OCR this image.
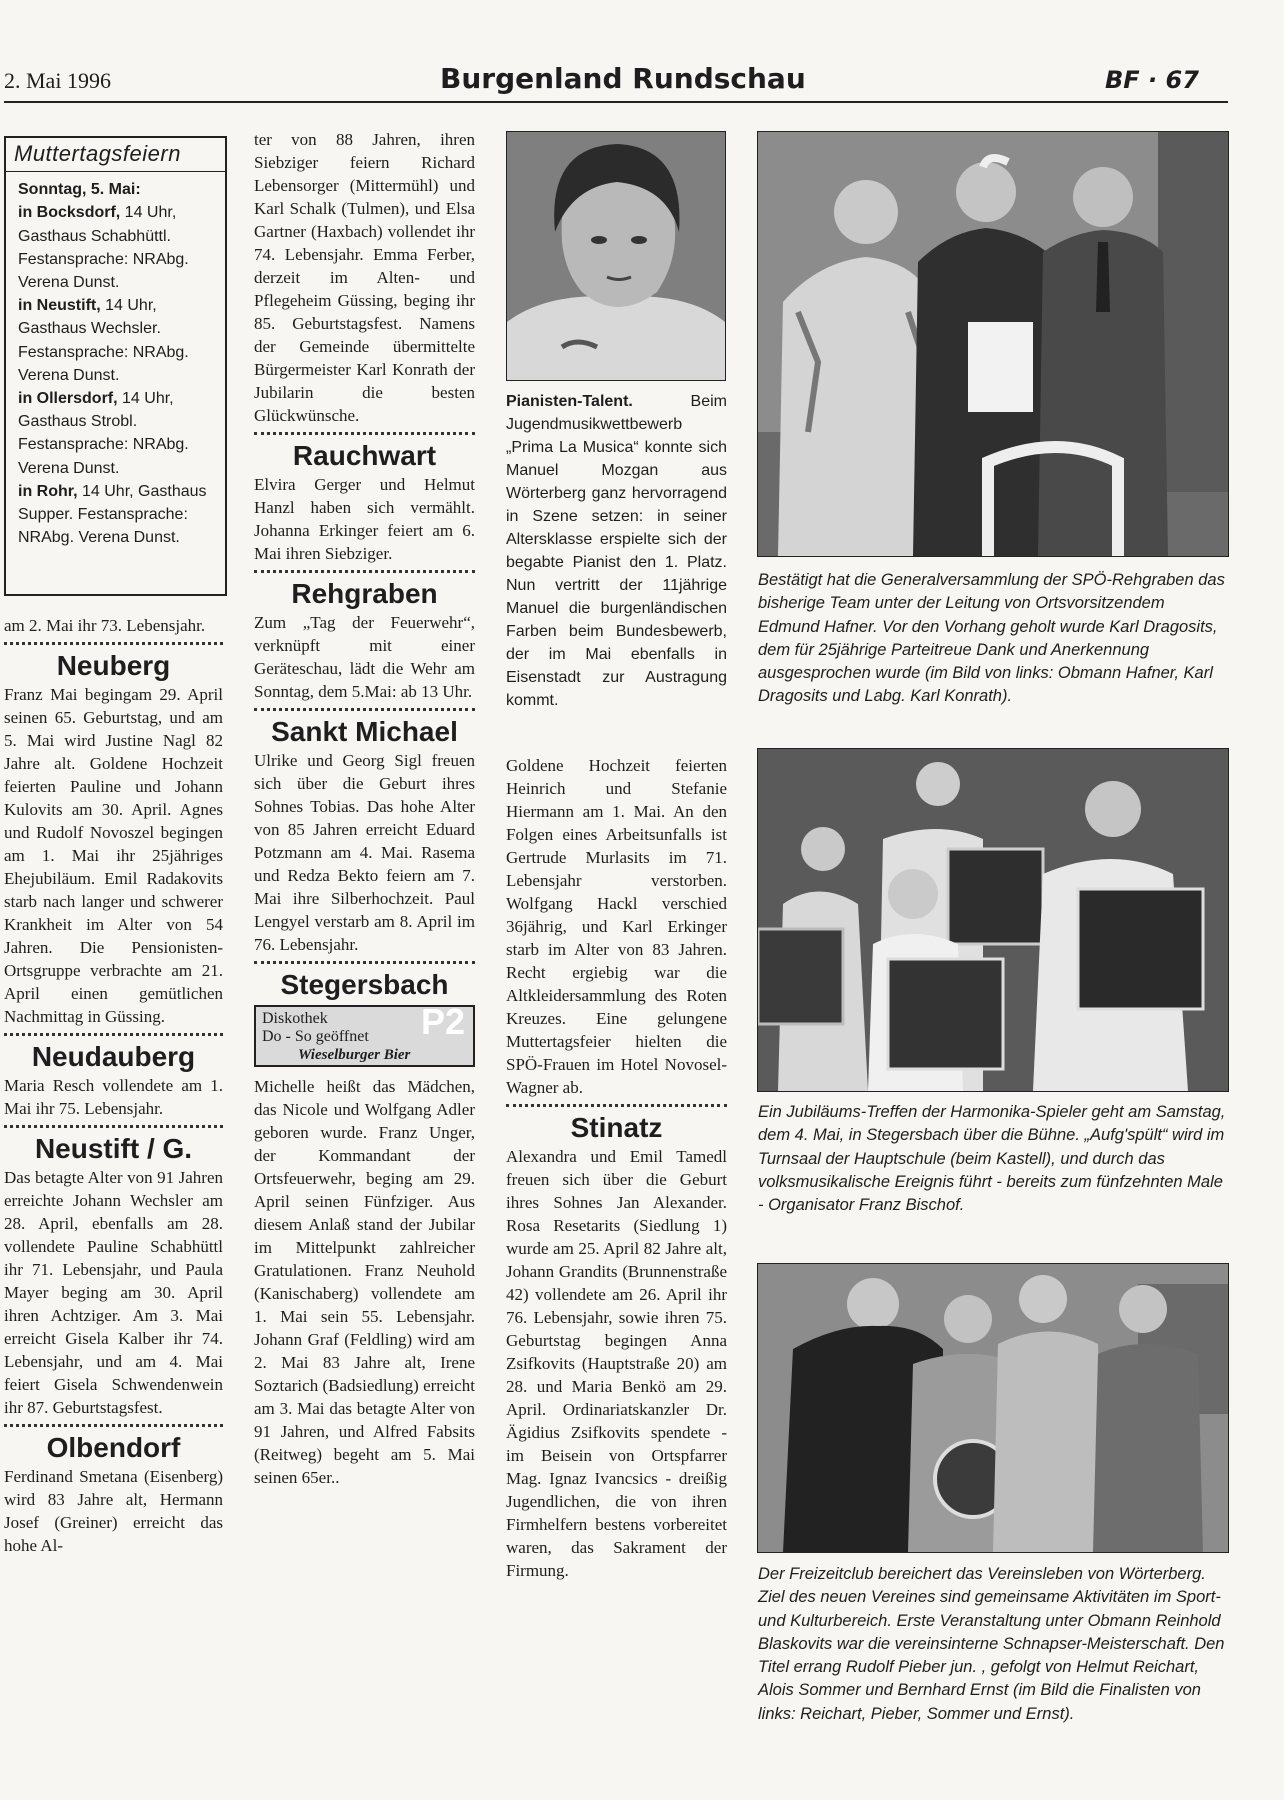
2. Mai 1996	Burgenland Rundschau	BF · 67
Muttertagsfeiern

Sonntag, 5. Mai:

in Bocksdorf, 14 Uhr, Gasthaus Schabhüttl. Festansprache: NRAbg. Verena Dunst.

in Neustift, 14 Uhr, Gasthaus Wechsler. Festansprache: NRAbg. Verena Dunst.

in Ollersdorf, 14 Uhr, Gasthaus Strobl. Festansprache: NRAbg. Verena Dunst.

in Rohr, 14 Uhr, Gasthaus Supper. Festansprache: NRAbg. Verena Dunst.

am 2. Mai ihr 73. Lebensjahr.

Neuberg

Franz Mai begingam 29. April seinen 65. Geburtstag, und am 5. Mai wird Justine Nagl 82 Jahre alt. Goldene Hochzeit feierten Pauline und Johann Kulovits am 30. April. Agnes und Rudolf Novoszel begingen am 1. Mai ihr 25jähriges Ehejubiläum. Emil Radakovits starb nach langer und schwerer Krankheit im Alter von 54 Jahren. Die Pensionisten-Ortsgruppe verbrachte am 21. April einen gemütlichen Nachmittag in Güssing.

Neudauberg

Maria Resch vollendete am 1. Mai ihr 75. Lebensjahr.

Neustift / G.

Das betagte Alter von 91 Jahren erreichte Johann Wechsler am 28. April, ebenfalls am 28. vollendete Pauline Schabhüttl ihr 71. Lebensjahr, und Paula Mayer beging am 30. April ihren Achtziger. Am 3. Mai erreicht Gisela Kalber ihr 74. Lebensjahr, und am 4. Mai feiert Gisela Schwendenwein ihr 87. Geburtstagsfest.

Olbendorf

Ferdinand Smetana (Eisenberg) wird 83 Jahre alt, Hermann Josef (Greiner) erreicht das hohe Al-

ter von 88 Jahren, ihren Siebziger feiern Richard Lebensorger (Mittermühl) und Karl Schalk (Tulmen), und Elsa Gartner (Haxbach) vollendet ihr 74. Lebensjahr. Emma Ferber, derzeit im Alten- und Pflegeheim Güssing, beging ihr 85. Geburtstagsfest. Namens der Gemeinde übermittelte Bürgermeister Karl Konrath der Jubilarin die besten Glückwünsche.

Rauchwart

Elvira Gerger und Helmut Hanzl haben sich vermählt. Johanna Erkinger feiert am 6. Mai ihren Siebziger.

Rehgraben

Zum „Tag der Feuerwehr“, verknüpft mit einer Geräteschau, lädt die Wehr am Sonntag, dem 5.Mai: ab 13 Uhr.

Sankt Michael

Ulrike und Georg Sigl freuen sich über die Geburt ihres Sohnes Tobias. Das hohe Alter von 85 Jahren erreicht Eduard Potzmann am 4. Mai. Rasema und Redza Bekto feiern am 7. Mai ihre Silberhochzeit. Paul Lengyel verstarb am 8. April im 76. Lebensjahr.

Stegersbach
Diskothek
Do - So geöffnet
Wieselburger Bier
P2

Michelle heißt das Mädchen, das Nicole und Wolfgang Adler geboren wurde. Franz Unger, der Kommandant der Ortsfeuerwehr, beging am 29. April seinen Fünfziger. Aus diesem Anlaß stand der Jubilar im Mittelpunkt zahlreicher Gratulationen. Franz Neuhold (Kanischaberg) vollendete am 1. Mai sein 55. Lebensjahr. Johann Graf (Feldling) wird am 2. Mai 83 Jahre alt, Irene Soztarich (Badsiedlung) erreicht am 3. Mai das betagte Alter von 91 Jahren, und Alfred Fabsits (Reitweg) begeht am 5. Mai seinen 65er..

Pianisten-Talent. Beim Jugendmusikwettbewerb „Prima La Musica“ konnte sich Manuel Mozgan aus Wörterberg ganz hervorragend in Szene setzen: in seiner Altersklasse erspielte sich der begabte Pianist den 1. Platz. Nun vertritt der 11jährige Manuel die burgenländischen Farben beim Bundesbewerb, der im Mai ebenfalls in Eisenstadt zur Austragung kommt.

Goldene Hochzeit feierten Heinrich und Stefanie Hiermann am 1. Mai. An den Folgen eines Arbeitsunfalls ist Gertrude Murlasits im 71. Lebensjahr verstorben. Wolfgang Hackl verschied 36jährig, und Karl Erkinger starb im Alter von 83 Jahren. Recht ergiebig war die Altkleidersammlung des Roten Kreuzes. Eine gelungene Muttertagsfeier hielten die SPÖ-Frauen im Hotel Novosel-Wagner ab.

Stinatz

Alexandra und Emil Tamedl freuen sich über die Geburt ihres Sohnes Jan Alexander. Rosa Resetarits (Siedlung 1) wurde am 25. April 82 Jahre alt, Johann Grandits (Brunnenstraße 42) vollendete am 26. April ihr 76. Lebensjahr, sowie ihren 75. Geburtstag begingen Anna Zsifkovits (Hauptstraße 20) am 28. und Maria Benkö am 29. April. Ordinariatskanzler Dr. Ägidius Zsifkovits spendete - im Beisein von Ortspfarrer Mag. Ignaz Ivancsics - dreißig Jugendlichen, die von ihren Firmhelfern bestens vorbereitet waren, das Sakrament der Firmung.

Bestätigt hat die Generalversammlung der SPÖ-Rehgraben das bisherige Team unter der Leitung von Ortsvorsitzendem Edmund Hafner. Vor den Vorhang geholt wurde Karl Dragosits, dem für 25jährige Parteitreue Dank und Anerkennung ausgesprochen wurde (im Bild von links: Obmann Hafner, Karl Dragosits und Labg. Karl Konrath).

Ein Jubiläums-Treffen der Harmonika-Spieler geht am Samstag, dem 4. Mai, in Stegersbach über die Bühne. „Aufg'spült“ wird im Turnsaal der Hauptschule (beim Kastell), und durch das volksmusikalische Ereignis führt - bereits zum fünfzehnten Male - Organisator Franz Bischof.

Der Freizeitclub bereichert das Vereinsleben von Wörterberg. Ziel des neuen Vereines sind gemeinsame Aktivitäten im Sport- und Kulturbereich. Erste Veranstaltung unter Obmann Reinhold Blaskovits war die vereinsinterne Schnapser-Meisterschaft. Den Titel errang Rudolf Pieber jun. , gefolgt von Helmut Reichart, Alois Sommer und Bernhard Ernst (im Bild die Finalisten von links: Reichart, Pieber, Sommer und Ernst).
